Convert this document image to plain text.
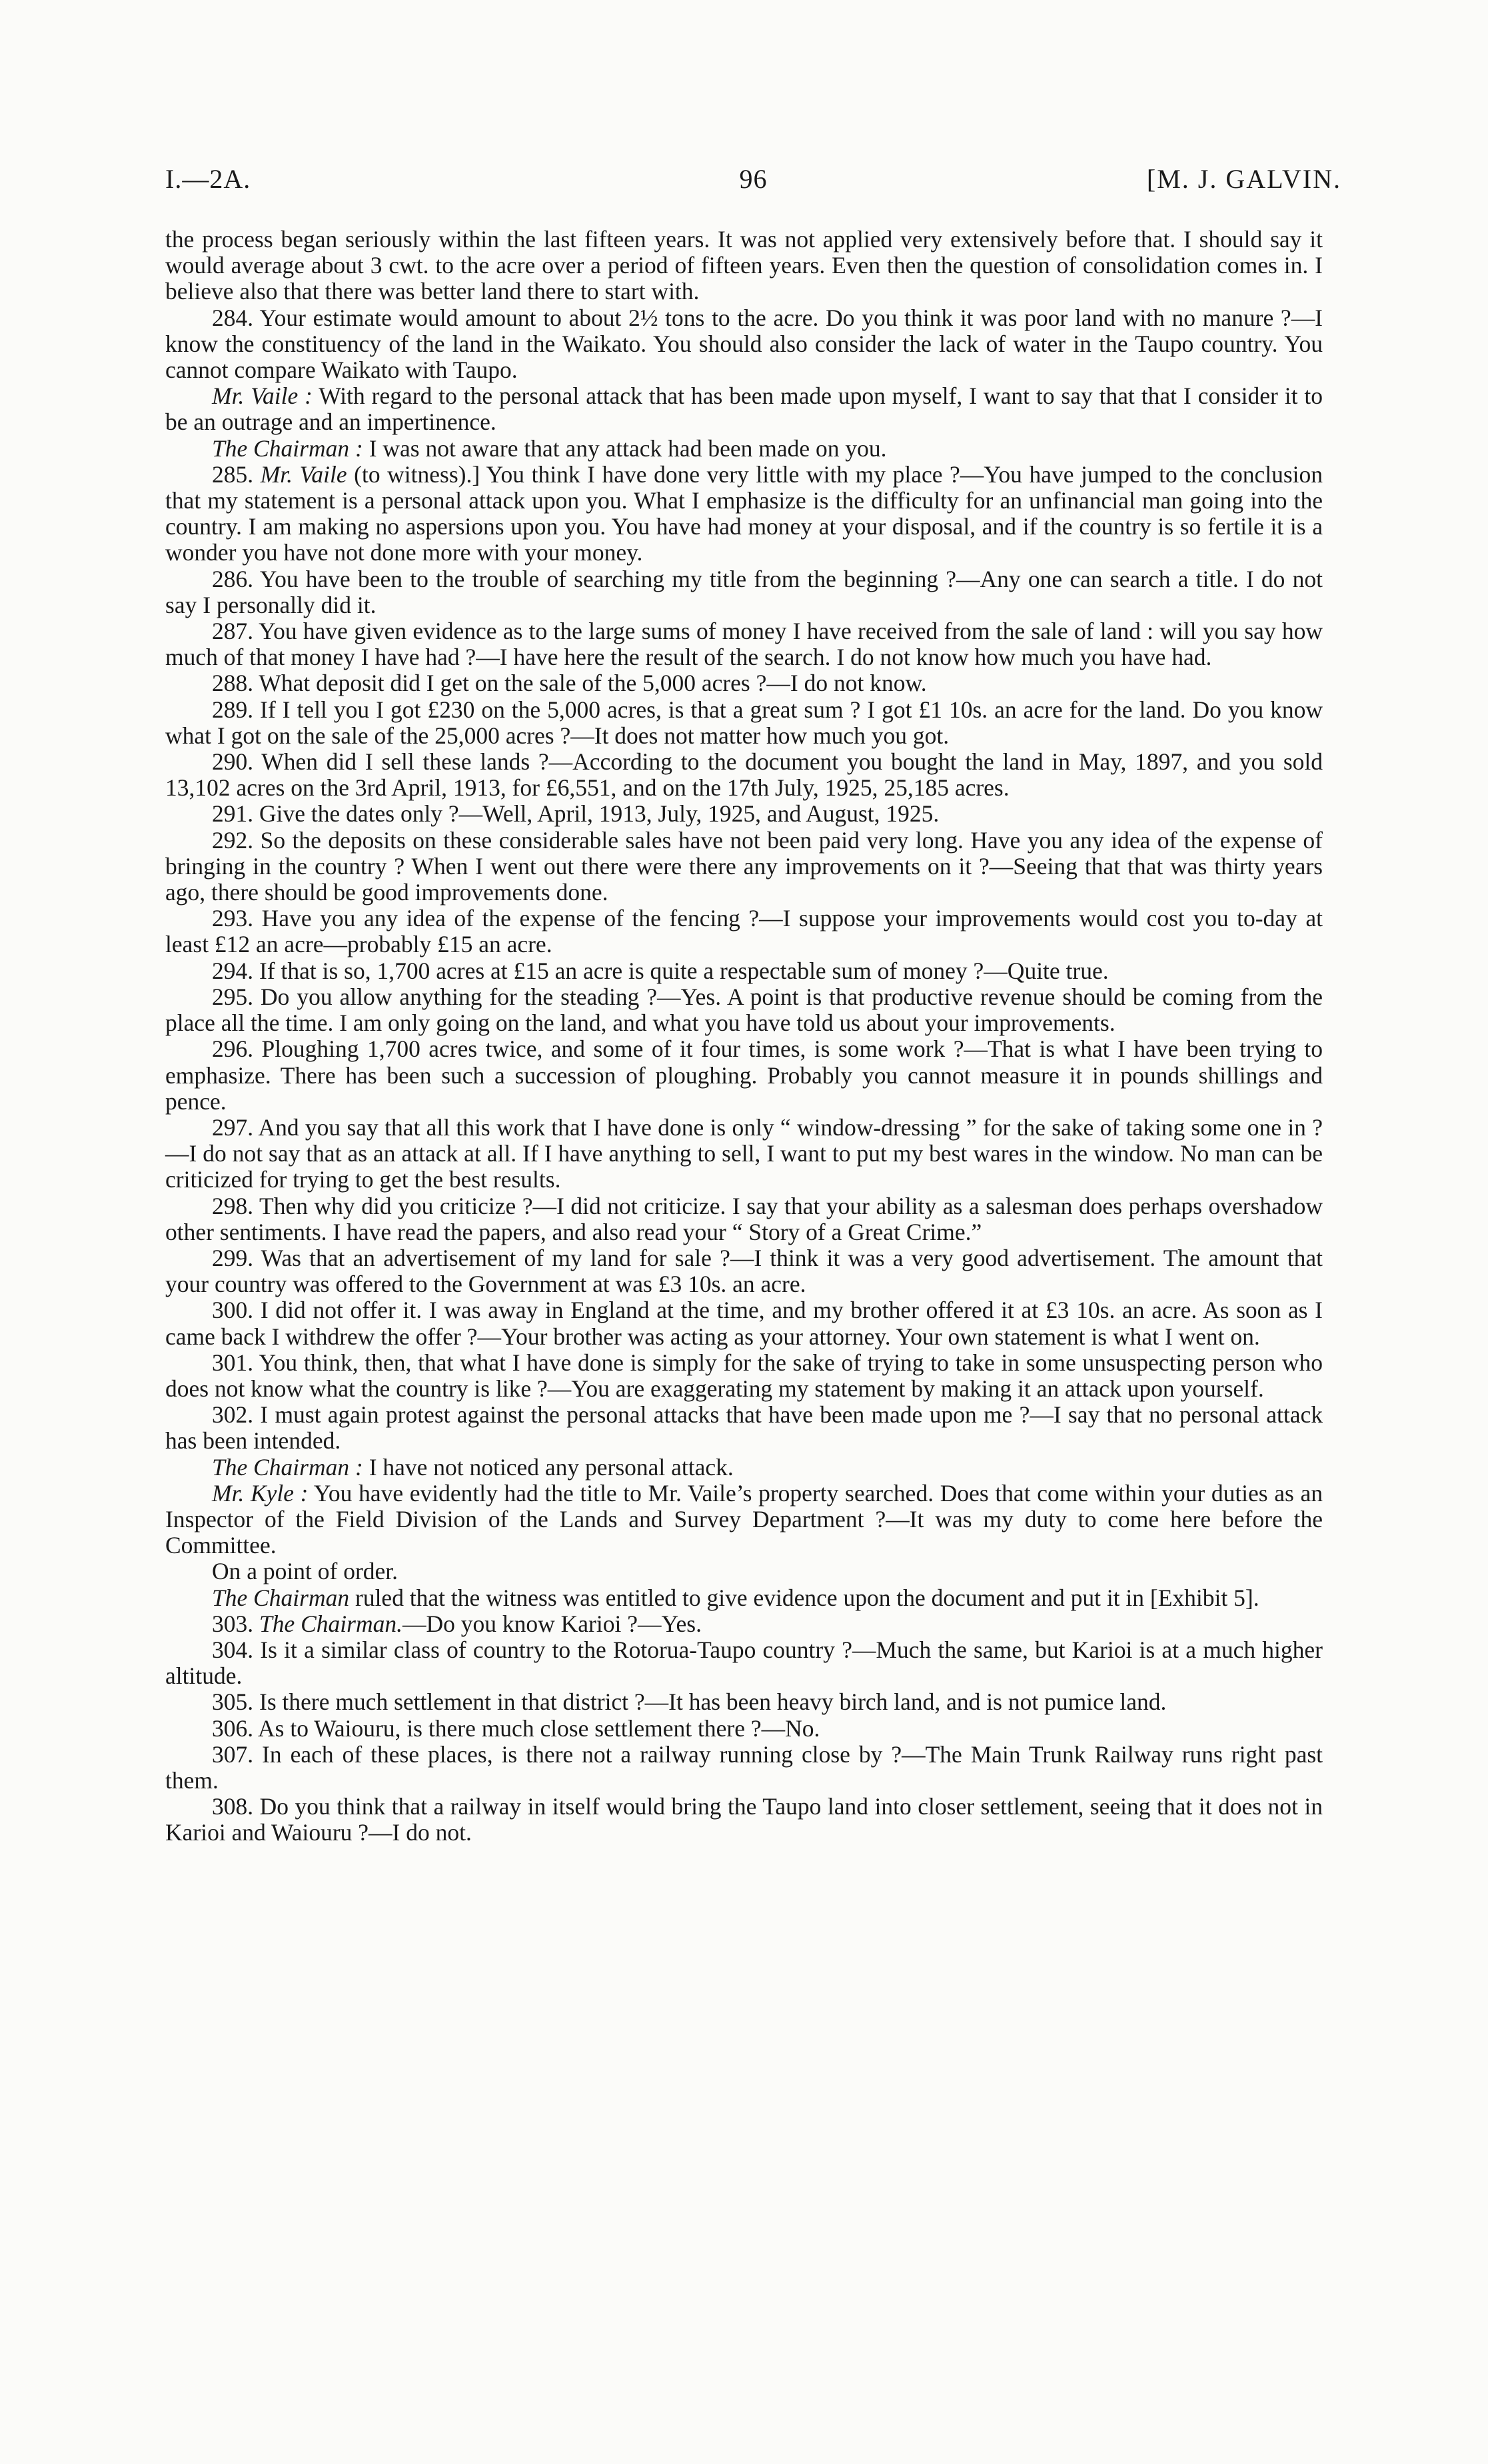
I.—2A.	96	[M. J. GALVIN.

the process began seriously within the last fifteen years. It was not applied very extensively before that. I should say it would average about 3 cwt. to the acre over a period of fifteen years. Even then the question of consolidation comes in. I believe also that there was better land there to start with.

284. Your estimate would amount to about 2½ tons to the acre. Do you think it was poor land with no manure ?—I know the constituency of the land in the Waikato. You should also consider the lack of water in the Taupo country. You cannot compare Waikato with Taupo.

Mr. Vaile : With regard to the personal attack that has been made upon myself, I want to say that that I consider it to be an outrage and an impertinence.

The Chairman : I was not aware that any attack had been made on you.

285. Mr. Vaile (to witness).] You think I have done very little with my place ?—You have jumped to the conclusion that my statement is a personal attack upon you. What I emphasize is the difficulty for an unfinancial man going into the country. I am making no aspersions upon you. You have had money at your disposal, and if the country is so fertile it is a wonder you have not done more with your money.

286. You have been to the trouble of searching my title from the beginning ?—Any one can search a title. I do not say I personally did it.

287. You have given evidence as to the large sums of money I have received from the sale of land : will you say how much of that money I have had ?—I have here the result of the search. I do not know how much you have had.

288. What deposit did I get on the sale of the 5,000 acres ?—I do not know.

289. If I tell you I got £230 on the 5,000 acres, is that a great sum ? I got £1 10s. an acre for the land. Do you know what I got on the sale of the 25,000 acres ?—It does not matter how much you got.

290. When did I sell these lands ?—According to the document you bought the land in May, 1897, and you sold 13,102 acres on the 3rd April, 1913, for £6,551, and on the 17th July, 1925, 25,185 acres.

291. Give the dates only ?—Well, April, 1913, July, 1925, and August, 1925.

292. So the deposits on these considerable sales have not been paid very long. Have you any idea of the expense of bringing in the country ? When I went out there were there any improvements on it ?—Seeing that that was thirty years ago, there should be good improvements done.

293. Have you any idea of the expense of the fencing ?—I suppose your improvements would cost you to-day at least £12 an acre—probably £15 an acre.

294. If that is so, 1,700 acres at £15 an acre is quite a respectable sum of money ?—Quite true.

295. Do you allow anything for the steading ?—Yes. A point is that productive revenue should be coming from the place all the time. I am only going on the land, and what you have told us about your improvements.

296. Ploughing 1,700 acres twice, and some of it four times, is some work ?—That is what I have been trying to emphasize. There has been such a succession of ploughing. Probably you cannot measure it in pounds shillings and pence.

297. And you say that all this work that I have done is only “ window-dressing ” for the sake of taking some one in ?—I do not say that as an attack at all. If I have anything to sell, I want to put my best wares in the window. No man can be criticized for trying to get the best results.

298. Then why did you criticize ?—I did not criticize. I say that your ability as a salesman does perhaps overshadow other sentiments. I have read the papers, and also read your “ Story of a Great Crime.”

299. Was that an advertisement of my land for sale ?—I think it was a very good advertisement. The amount that your country was offered to the Government at was £3 10s. an acre.

300. I did not offer it. I was away in England at the time, and my brother offered it at £3 10s. an acre. As soon as I came back I withdrew the offer ?—Your brother was acting as your attorney. Your own statement is what I went on.

301. You think, then, that what I have done is simply for the sake of trying to take in some unsuspecting person who does not know what the country is like ?—You are exaggerating my statement by making it an attack upon yourself.

302. I must again protest against the personal attacks that have been made upon me ?—I say that no personal attack has been intended.

The Chairman : I have not noticed any personal attack.

Mr. Kyle : You have evidently had the title to Mr. Vaile’s property searched. Does that come within your duties as an Inspector of the Field Division of the Lands and Survey Department ?—It was my duty to come here before the Committee.

On a point of order.

The Chairman ruled that the witness was entitled to give evidence upon the document and put it in [Exhibit 5].

303. The Chairman.—Do you know Karioi ?—Yes.

304. Is it a similar class of country to the Rotorua-Taupo country ?—Much the same, but Karioi is at a much higher altitude.

305. Is there much settlement in that district ?—It has been heavy birch land, and is not pumice land.

306. As to Waiouru, is there much close settlement there ?—No.

307. In each of these places, is there not a railway running close by ?—The Main Trunk Railway runs right past them.

308. Do you think that a railway in itself would bring the Taupo land into closer settlement, seeing that it does not in Karioi and Waiouru ?—I do not.
